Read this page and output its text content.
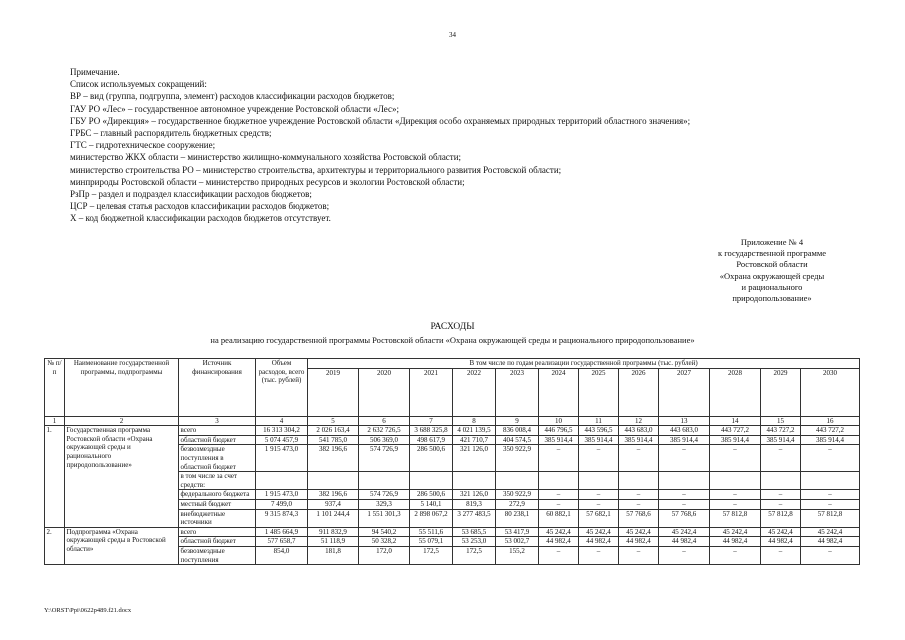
34
Примечание.
Список используемых сокращений:
ВР – вид (группа, подгруппа, элемент) расходов классификации расходов бюджетов;
ГАУ РО «Лес» – государственное автономное учреждение Ростовской области «Лес»;
ГБУ РО «Дирекция» – государственное бюджетное учреждение Ростовской области «Дирекция особо охраняемых природных территорий областного значения»;
ГРБС – главный распорядитель бюджетных средств;
ГТС – гидротехническое сооружение;
министерство ЖКХ области – министерство жилищно-коммунального хозяйства Ростовской области;
министерство строительства РО – министерство строительства, архитектуры и территориального развития Ростовской области;
минприроды Ростовской области – министерство природных ресурсов и экологии Ростовской области;
РзПр – раздел и подраздел классификации расходов бюджетов;
ЦСР – целевая статья расходов классификации расходов бюджетов;
Х – код бюджетной классификации расходов бюджетов отсутствует.
Приложение № 4
к государственной программе
Ростовской области
«Охрана окружающей среды
и рационального
природопользование»
РАСХОДЫ
на реализацию государственной программы Ростовской области «Охрана окружающей среды и рационального природопользование»
№ п/п	Наименование государственной программы, подпрограммы	Источник финансирования	Объем расходов, всего (тыс. рублей)	В том числе по годам реализации государственной программы (тыс. рублей)											
				2019	2020	2021	2022	2023	2024	2025	2026	2027	2028	2029	2030
1	2	3	4	5	6	7	8	9	10	11	12	13	14	15	16
1.	Государственная программа Ростовской области «Охрана окружающей среды и рационального природопользование»	всего	16 313 304,2	2 026 163,4	2 632 726,5	3 688 325,8	4 021 139,5	836 008,4	446 796,5	443 596,5	443 683,0	443 683,0	443 727,2	443 727,2	443 727,2
		областной бюджет	5 074 457,9	541 785,0	506 369,0	498 617,9	421 710,7	404 574,5	385 914,4	385 914,4	385 914,4	385 914,4	385 914,4	385 914,4	385 914,4
		безвозмездные поступления в областной бюджет	1 915 473,0	382 196,6	574 726,9	286 500,6	321 126,0	350 922,9	–	–	–	–	–	–	–
		в том числе за счет средств:													
		федерального бюджета	1 915 473,0	382 196,6	574 726,9	286 500,6	321 126,0	350 922,9	–	–	–	–	–	–	–
		местный бюджет	7 499,0	937,4	329,3	5 140,1	819,3	272,9	–	–	–	–	–	–	–
		внебюджетные источники	9 315 874,3	1 101 244,4	1 551 301,3	2 898 067,2	3 277 483,5	80 238,1	60 882,1	57 682,1	57 768,6	57 768,6	57 812,8	57 812,8	57 812,8
2.	Подпрограмма «Охрана окружающей среды в Ростовской области»	всего	1 485 664,9	911 832,9	94 540,2	55 511,6	53 685,5	53 417,9	45 242,4	45 242,4	45 242,4	45 242,4	45 242,4	45 242,4	45 242,4
		областной бюджет	577 658,7	51 118,9	50 328,2	55 079,1	53 253,0	53 002,7	44 982,4	44 982,4	44 982,4	44 982,4	44 982,4	44 982,4	44 982,4
		безвозмездные поступления	854,0	181,8	172,0	172,5	172,5	155,2	–	–	–	–	–	–	–
Y:\ORST\Ppi\0622p489.f21.docx
